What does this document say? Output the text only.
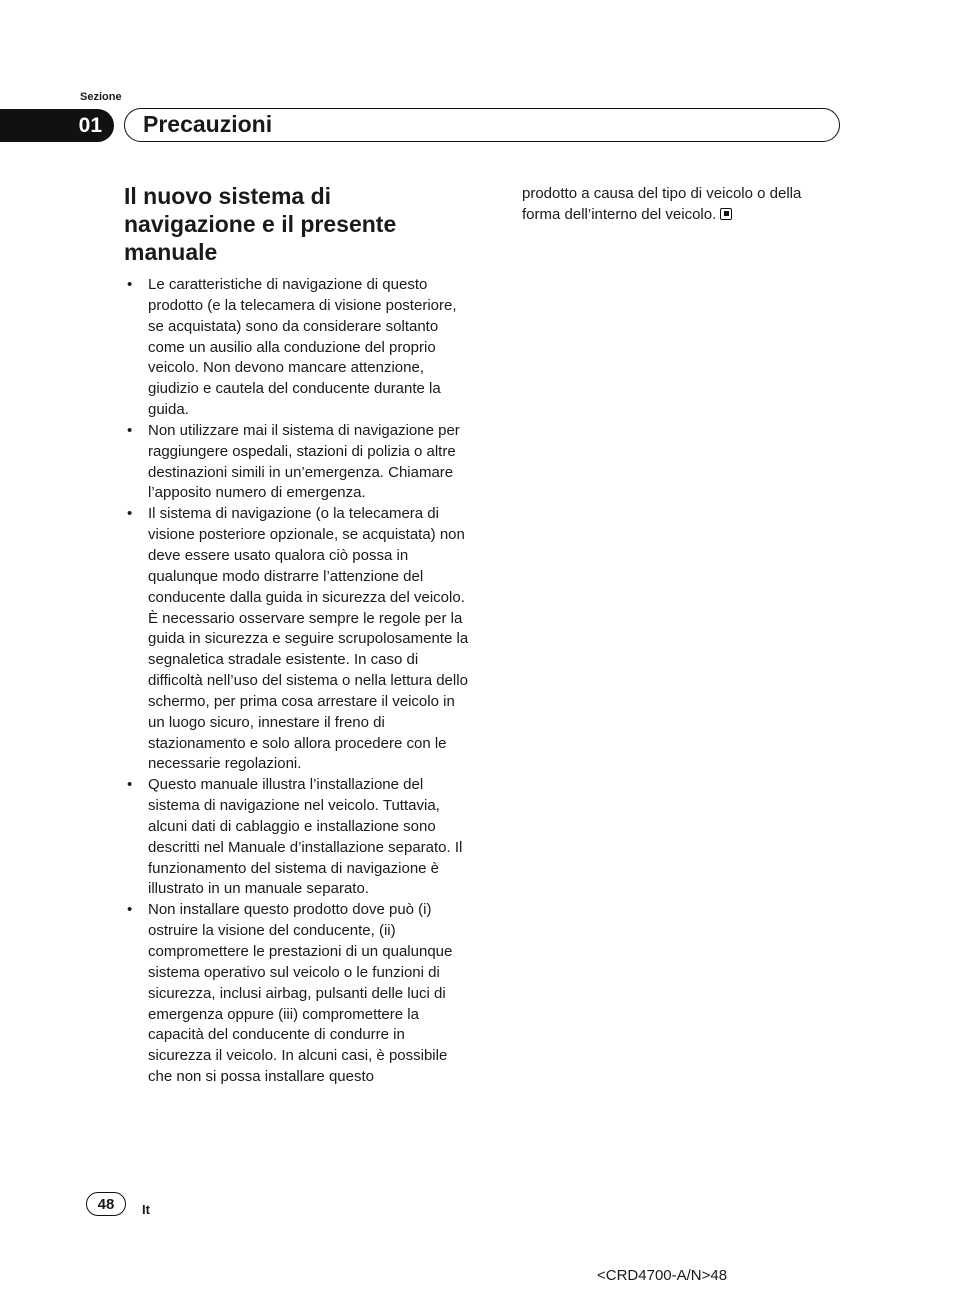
Sezione
01 Precauzioni
Il nuovo sistema di navigazione e il presente manuale
• Le caratteristiche di navigazione di questo prodotto (e la telecamera di visione posteriore, se acquistata) sono da considerare soltanto come un ausilio alla conduzione del proprio veicolo. Non devono mancare attenzione, giudizio e cautela del conducente durante la guida.
• Non utilizzare mai il sistema di navigazione per raggiungere ospedali, stazioni di polizia o altre destinazioni simili in un’emergenza. Chiamare l’apposito numero di emergenza.
• Il sistema di navigazione (o la telecamera di visione posteriore opzionale, se acquistata) non deve essere usato qualora ciò possa in qualunque modo distrarre l’attenzione del conducente dalla guida in sicurezza del veicolo. È necessario osservare sempre le regole per la guida in sicurezza e seguire scrupolosamente la segnaletica stradale esistente. In caso di difficoltà nell’uso del sistema o nella lettura dello schermo, per prima cosa arrestare il veicolo in un luogo sicuro, innestare il freno di stazionamento e solo allora procedere con le necessarie regolazioni.
• Questo manuale illustra l’installazione del sistema di navigazione nel veicolo. Tuttavia, alcuni dati di cablaggio e installazione sono descritti nel Manuale d’installazione separato. Il funzionamento del sistema di navigazione è illustrato in un manuale separato.
• Non installare questo prodotto dove può (i) ostruire la visione del conducente, (ii) compromettere le prestazioni di un qualunque sistema operativo sul veicolo o le funzioni di sicurezza, inclusi airbag, pulsanti delle luci di emergenza oppure (iii) compromettere la capacità del conducente di condurre in sicurezza il veicolo. In alcuni casi, è possibile che non si possa installare questo
prodotto a causa del tipo di veicolo o della forma dell’interno del veicolo.
48 It
<CRD4700-A/N>48
